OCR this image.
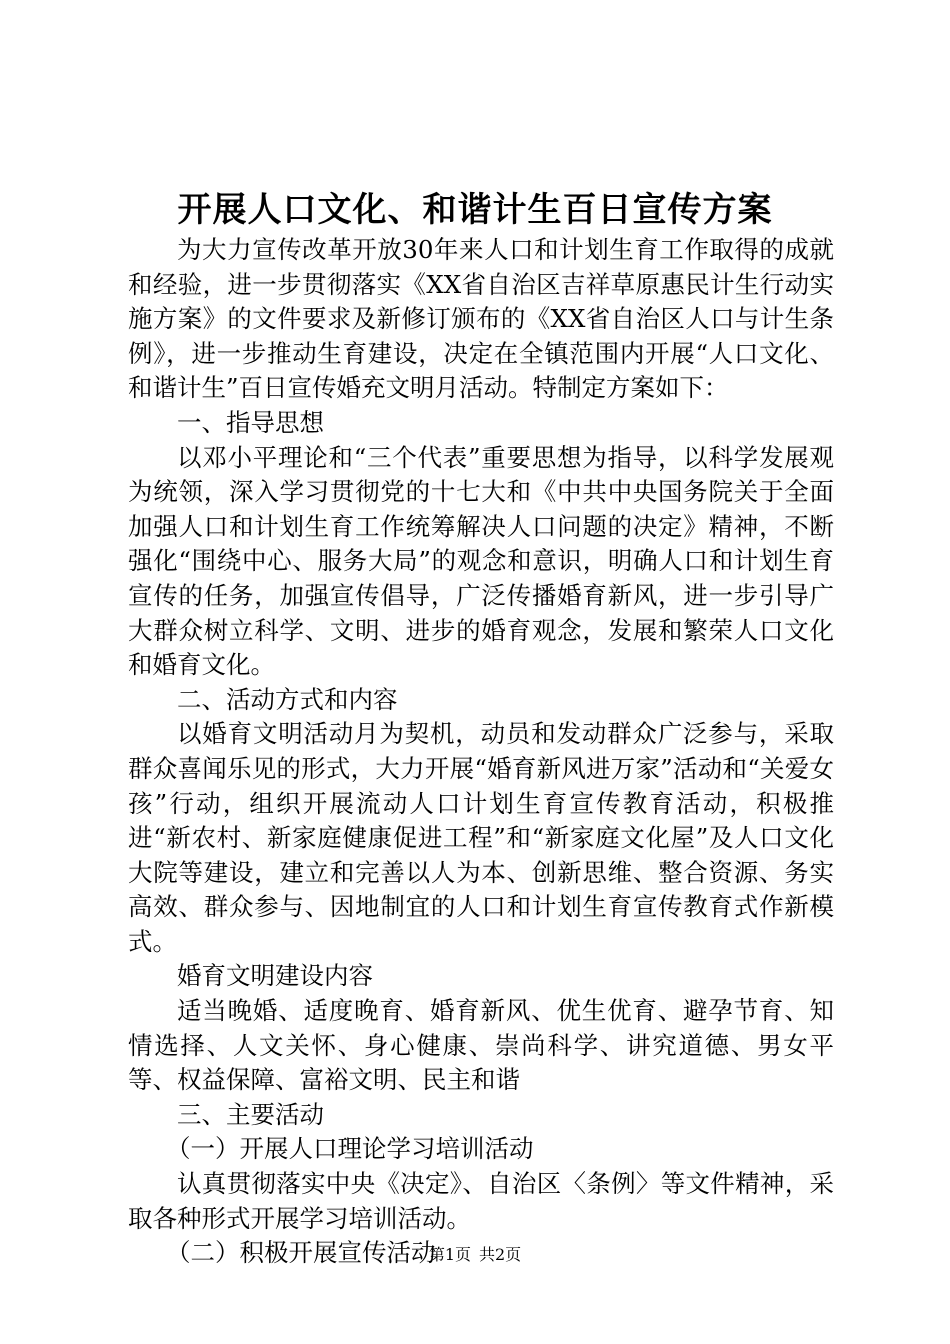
开展人口文化、和谐计生百日宣传方案

为大力宣传改革开放30年来人口和计划生育工作取得的成就和经验，进一步贯彻落实《XX省自治区吉祥草原惠民计生行动实施方案》的文件要求及新修订颁布的《XX省自治区人口与计生条例》，进一步推动生育建设，决定在全镇范围内开展“人口文化、和谐计生”百日宣传婚充文明月活动。特制定方案如下：

一、指导思想

以邓小平理论和“三个代表”重要思想为指导，以科学发展观为统领，深入学习贯彻党的十七大和《中共中央国务院关于全面加强人口和计划生育工作统筹解决人口问题的决定》精神，不断强化“围绕中心、服务大局”的观念和意识，明确人口和计划生育宣传的任务，加强宣传倡导，广泛传播婚育新风，进一步引导广大群众树立科学、文明、进步的婚育观念，发展和繁荣人口文化和婚育文化。

二、活动方式和内容

以婚育文明活动月为契机，动员和发动群众广泛参与，采取群众喜闻乐见的形式，大力开展“婚育新风进万家”活动和“关爱女孩”行动，组织开展流动人口计划生育宣传教育活动，积极推进“新农村、新家庭健康促进工程”和“新家庭文化屋”及人口文化大院等建设，建立和完善以人为本、创新思维、整合资源、务实高效、群众参与、因地制宜的人口和计划生育宣传教育式作新模式。

婚育文明建设内容

适当晚婚、适度晚育、婚育新风、优生优育、避孕节育、知情选择、人文关怀、身心健康、崇尚科学、讲究道德、男女平等、权益保障、富裕文明、民主和谐

三、主要活动

（一）开展人口理论学习培训活动

认真贯彻落实中央《决定》、自治区〈条例〉等文件精神，采取各种形式开展学习培训活动。

（二）积极开展宣传活动

第1页 共2页
